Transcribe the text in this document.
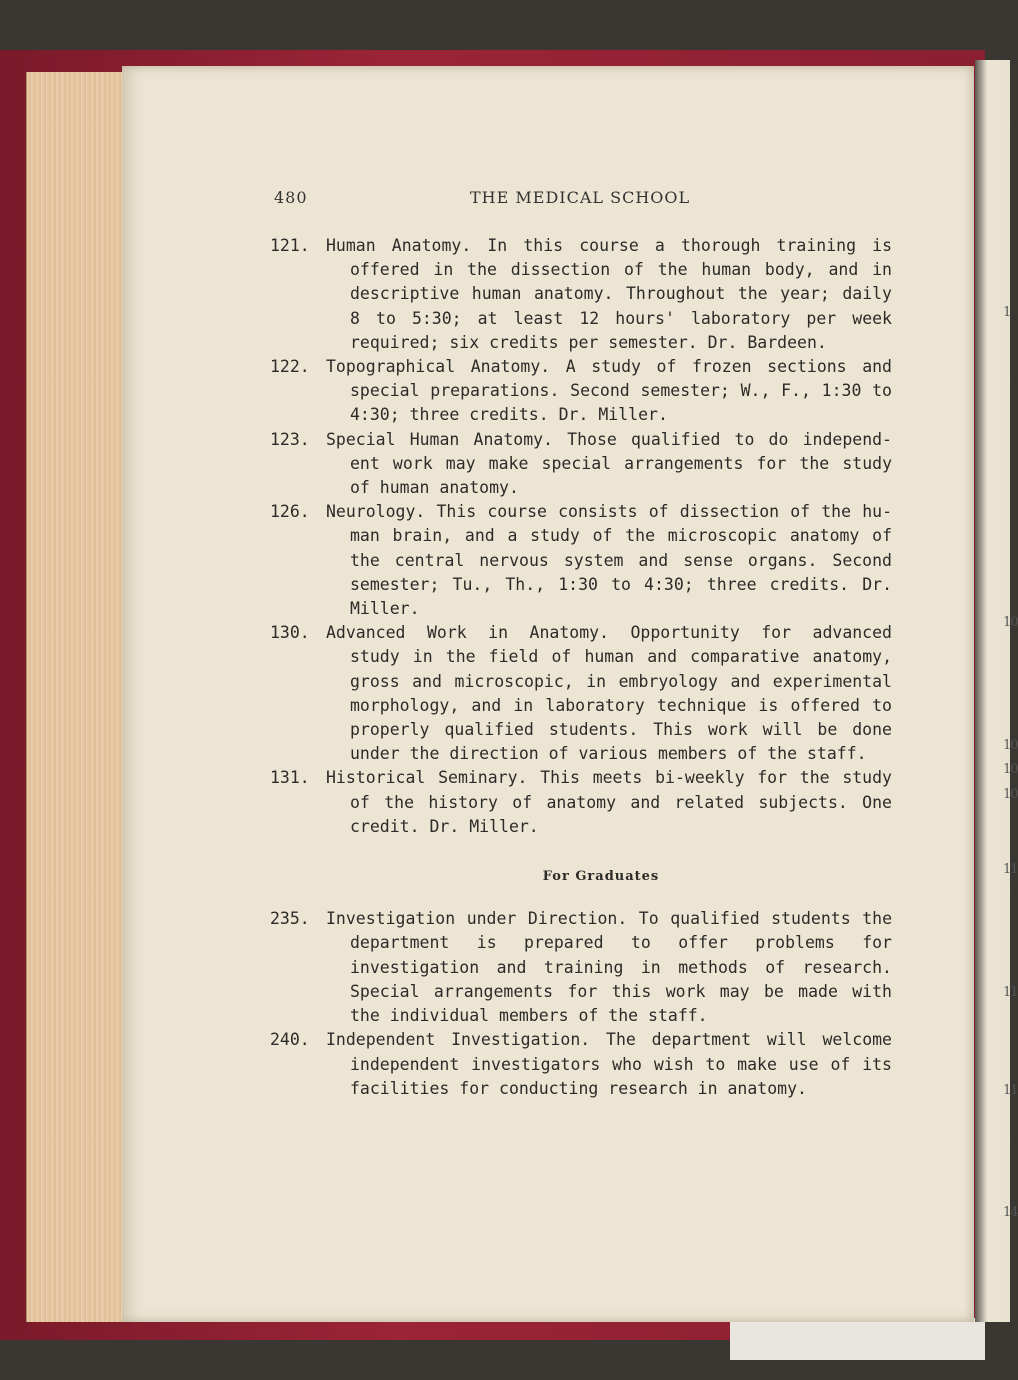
1
10
10
10
10
11
11
11
14
480	THE MEDICAL SCHOOL
121. Human Anatomy. In this course a thorough training is
offered in the dissection of the human body, and in descriptive human anatomy. Throughout the year; daily 8 to 5:30; at least 12 hours' laboratory per week required; six credits per semester. Dr. Bardeen.
122. Topographical Anatomy. A study of frozen sections and
special preparations. Second semester; W., F., 1:30 to 4:30; three credits. Dr. Miller.
123. Special Human Anatomy. Those qualified to do independ-
ent work may make special arrangements for the study of human anatomy.
126. Neurology. This course consists of dissection of the hu-
man brain, and a study of the microscopic anatomy of the central nervous system and sense organs. Second semester; Tu., Th., 1:30 to 4:30; three credits. Dr. Miller.
130. Advanced Work in Anatomy. Opportunity for advanced
study in the field of human and comparative anatomy, gross and microscopic, in embryology and experimental morphology, and in laboratory technique is offered to properly qualified students. This work will be done under the direction of various members of the staff.
131. Historical Seminary. This meets bi-weekly for the study
of the history of anatomy and related subjects. One credit. Dr. Miller.
For Graduates
235. Investigation under Direction. To qualified students the
department is prepared to offer problems for investigation and training in methods of research. Special arrangements for this work may be made with the individual members of the staff.
240. Independent Investigation. The department will welcome
independent investigators who wish to make use of its facilities for conducting research in anatomy.
